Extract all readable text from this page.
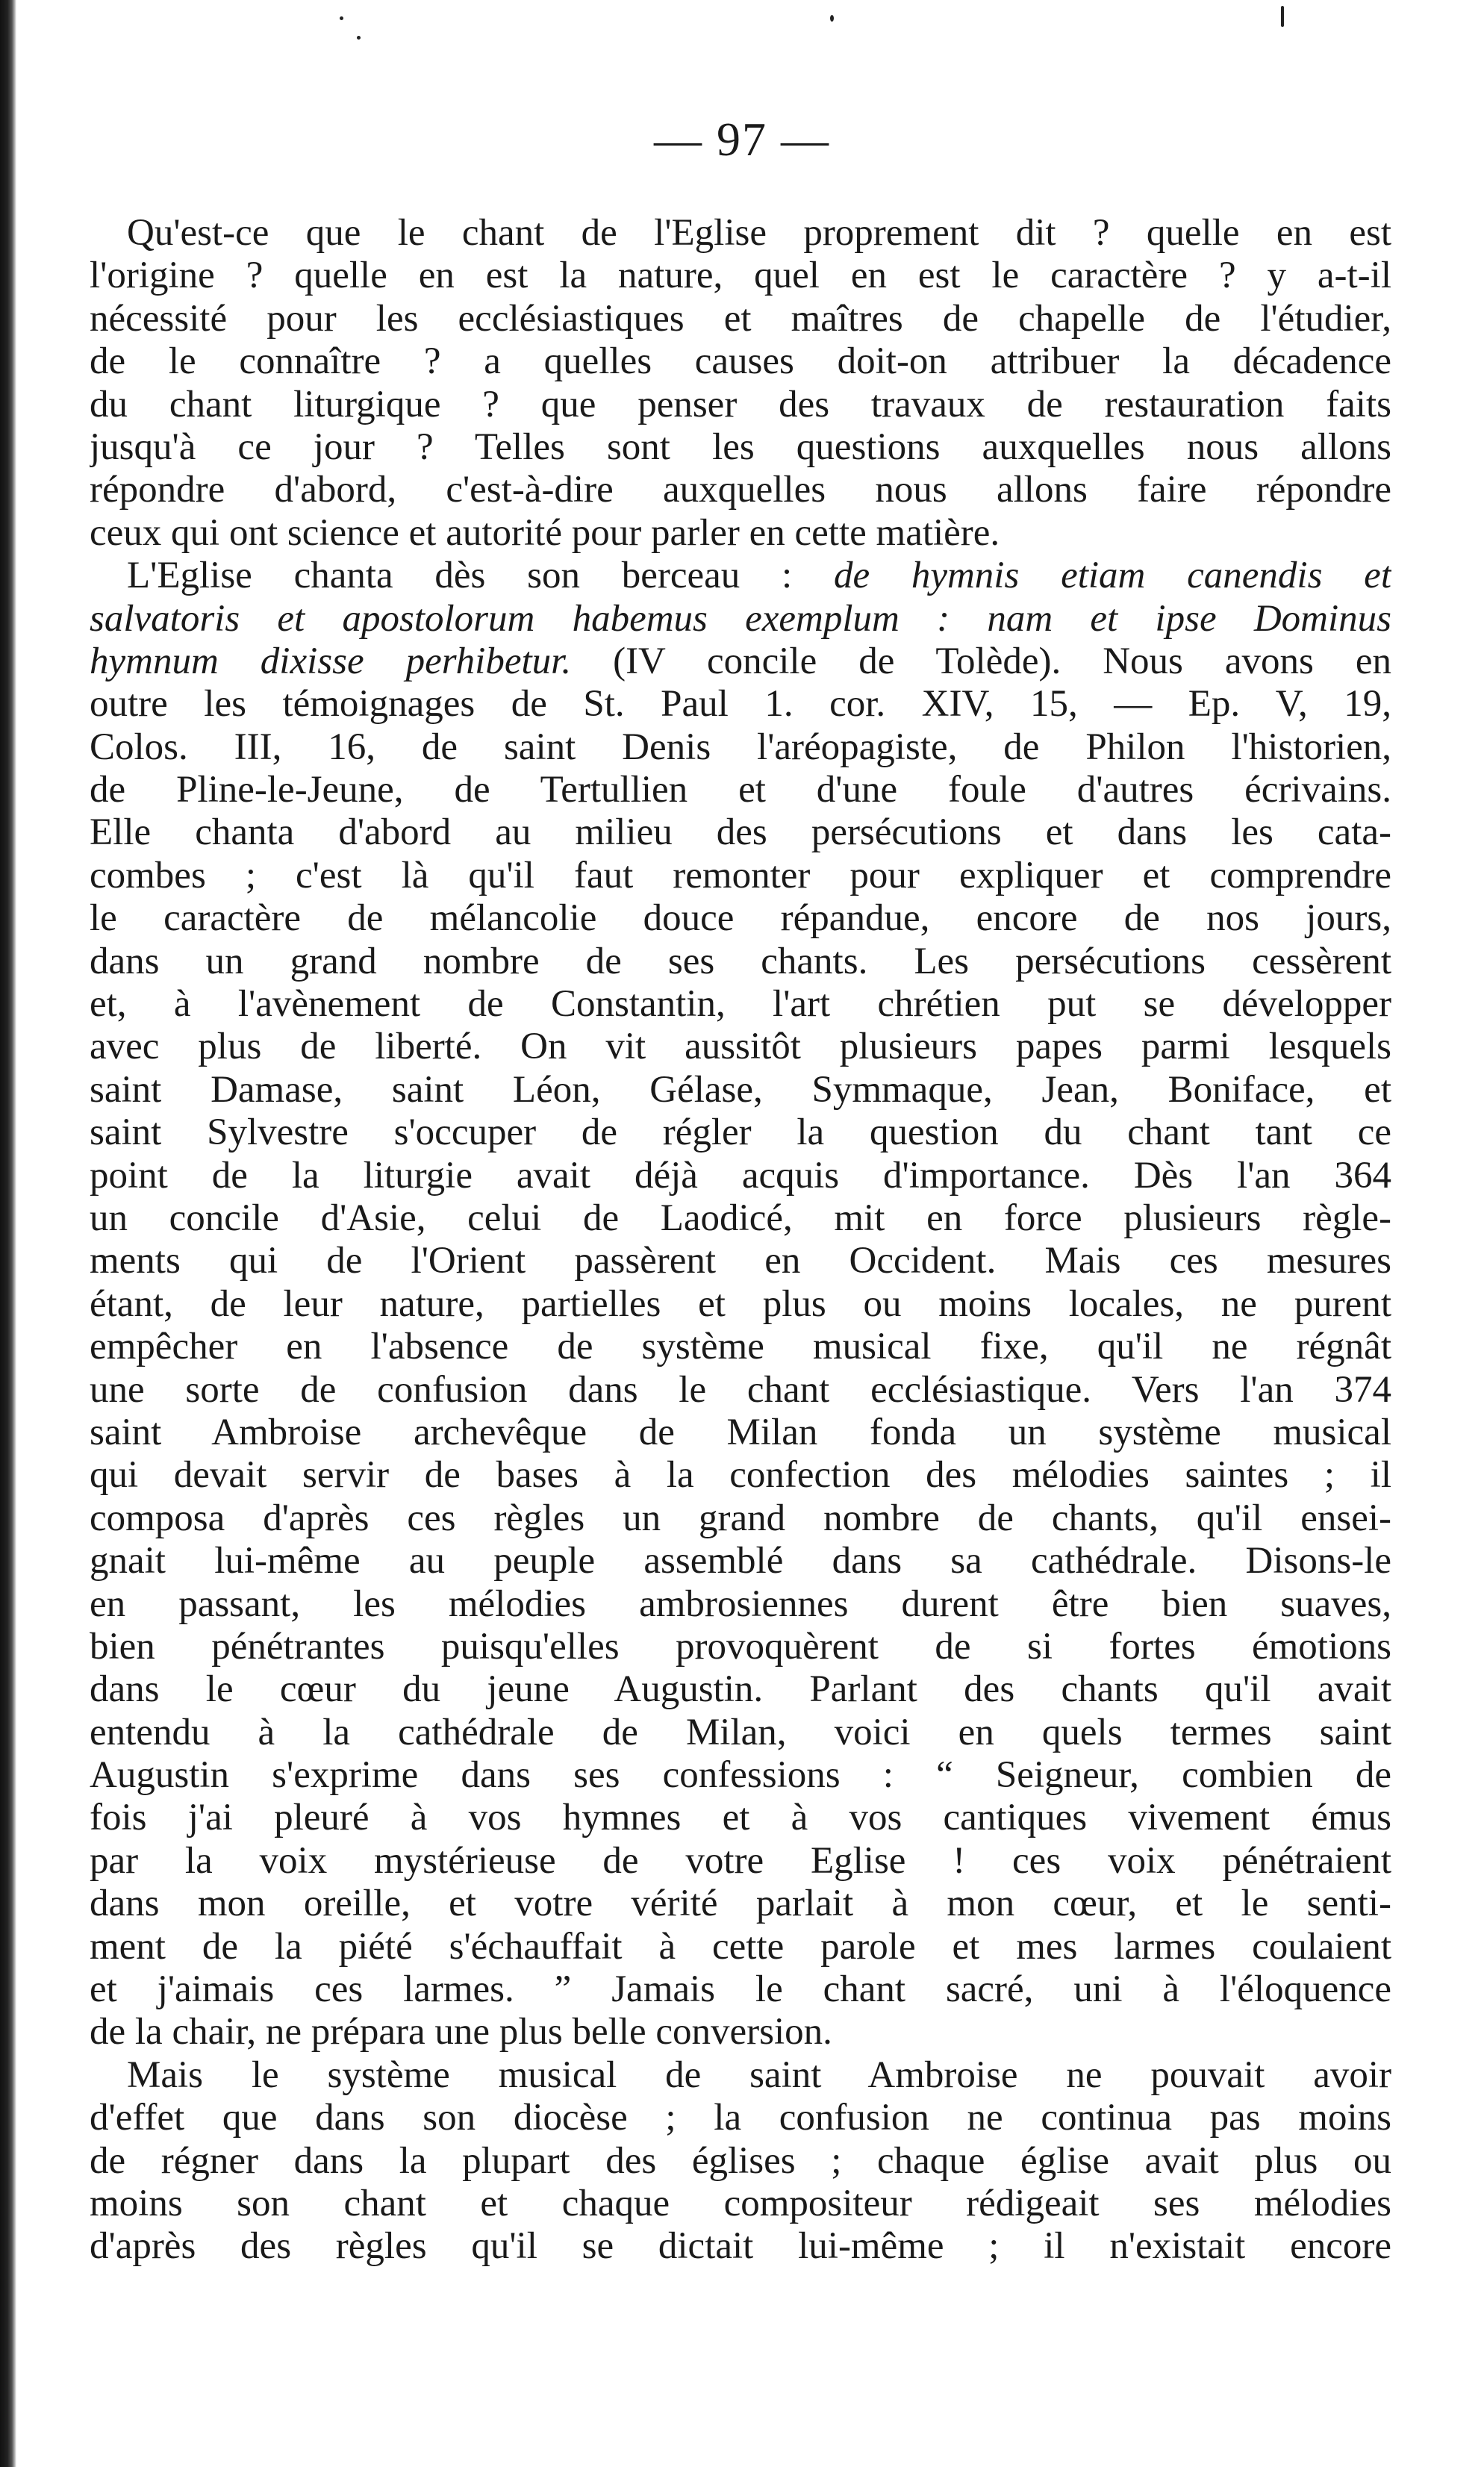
— 97 —
Qu'est-ce que le chant de l'Eglise proprement dit ? quelle en est
l'origine ? quelle en est la nature, quel en est le caractère ? y a-t-il
nécessité pour les ecclésiastiques et maîtres de chapelle de l'étudier,
de le connaître ? a quelles causes doit-on attribuer la décadence
du chant liturgique ? que penser des travaux de restauration faits
jusqu'à ce jour ? Telles sont les questions auxquelles nous allons
répondre d'abord, c'est-à-dire auxquelles nous allons faire répondre
ceux qui ont science et autorité pour parler en cette matière.
L'Eglise chanta dès son berceau : de hymnis etiam canendis et
salvatoris et apostolorum habemus exemplum : nam et ipse Dominus
hymnum dixisse perhibetur. (IV concile de Tolède). Nous avons en
outre les témoignages de St. Paul 1. cor. XIV, 15, — Ep. V, 19,
Colos. III, 16, de saint Denis l'aréopagiste, de Philon l'historien,
de Pline-le-Jeune, de Tertullien et d'une foule d'autres écrivains.
Elle chanta d'abord au milieu des persécutions et dans les cata-
combes ; c'est là qu'il faut remonter pour expliquer et comprendre
le caractère de mélancolie douce répandue, encore de nos jours,
dans un grand nombre de ses chants. Les persécutions cessèrent
et, à l'avènement de Constantin, l'art chrétien put se développer
avec plus de liberté. On vit aussitôt plusieurs papes parmi lesquels
saint Damase, saint Léon, Gélase, Symmaque, Jean, Boniface, et
saint Sylvestre s'occuper de régler la question du chant tant ce
point de la liturgie avait déjà acquis d'importance. Dès l'an 364
un concile d'Asie, celui de Laodicé, mit en force plusieurs règle-
ments qui de l'Orient passèrent en Occident. Mais ces mesures
étant, de leur nature, partielles et plus ou moins locales, ne purent
empêcher en l'absence de système musical fixe, qu'il ne régnât
une sorte de confusion dans le chant ecclésiastique. Vers l'an 374
saint Ambroise archevêque de Milan fonda un système musical
qui devait servir de bases à la confection des mélodies saintes ; il
composa d'après ces règles un grand nombre de chants, qu'il ensei-
gnait lui-même au peuple assemblé dans sa cathédrale. Disons-le
en passant, les mélodies ambrosiennes durent être bien suaves,
bien pénétrantes puisqu'elles provoquèrent de si fortes émotions
dans le cœur du jeune Augustin. Parlant des chants qu'il avait
entendu à la cathédrale de Milan, voici en quels termes saint
Augustin s'exprime dans ses confessions : “ Seigneur, combien de
fois j'ai pleuré à vos hymnes et à vos cantiques vivement émus
par la voix mystérieuse de votre Eglise ! ces voix pénétraient
dans mon oreille, et votre vérité parlait à mon cœur, et le senti-
ment de la piété s'échauffait à cette parole et mes larmes coulaient
et j'aimais ces larmes. ” Jamais le chant sacré, uni à l'éloquence
de la chair, ne prépara une plus belle conversion.
Mais le système musical de saint Ambroise ne pouvait avoir
d'effet que dans son diocèse ; la confusion ne continua pas moins
de régner dans la plupart des églises ; chaque église avait plus ou
moins son chant et chaque compositeur rédigeait ses mélodies
d'après des règles qu'il se dictait lui-même ; il n'existait encore
